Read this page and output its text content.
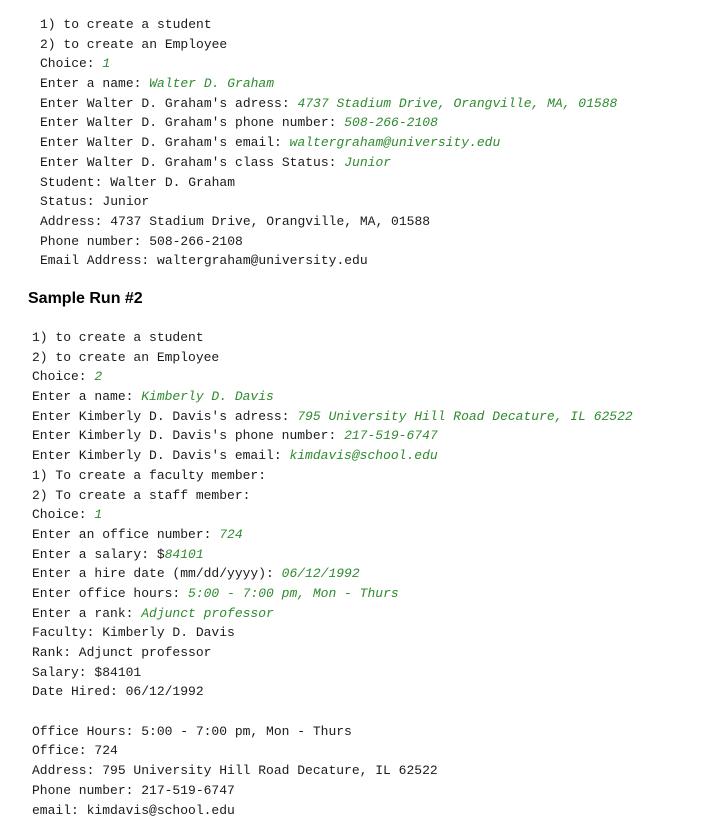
1) to create a student
2) to create an Employee
Choice: 1
Enter a name: Walter D. Graham
Enter Walter D. Graham's adress: 4737 Stadium Drive, Orangville, MA, 01588
Enter Walter D. Graham's phone number: 508-266-2108
Enter Walter D. Graham's email: waltergraham@university.edu
Enter Walter D. Graham's class Status: Junior
Student: Walter D. Graham
Status: Junior
Address: 4737 Stadium Drive, Orangville, MA, 01588
Phone number: 508-266-2108
Email Address: waltergraham@university.edu
Sample Run #2
1) to create a student
2) to create an Employee
Choice: 2
Enter a name: Kimberly D. Davis
Enter Kimberly D. Davis's adress: 795 University Hill Road Decature, IL 62522
Enter Kimberly D. Davis's phone number: 217-519-6747
Enter Kimberly D. Davis's email: kimdavis@school.edu
1) To create a faculty member:
2) To create a staff member:
Choice: 1
Enter an office number: 724
Enter a salary: $84101
Enter a hire date (mm/dd/yyyy): 06/12/1992
Enter office hours: 5:00 - 7:00 pm, Mon - Thurs
Enter a rank: Adjunct professor
Faculty: Kimberly D. Davis
Rank: Adjunct professor
Salary: $84101
Date Hired: 06/12/1992
Office Hours: 5:00 - 7:00 pm, Mon - Thurs
Office: 724
Address: 795 University Hill Road Decature, IL 62522
Phone number: 217-519-6747
email: kimdavis@school.edu
